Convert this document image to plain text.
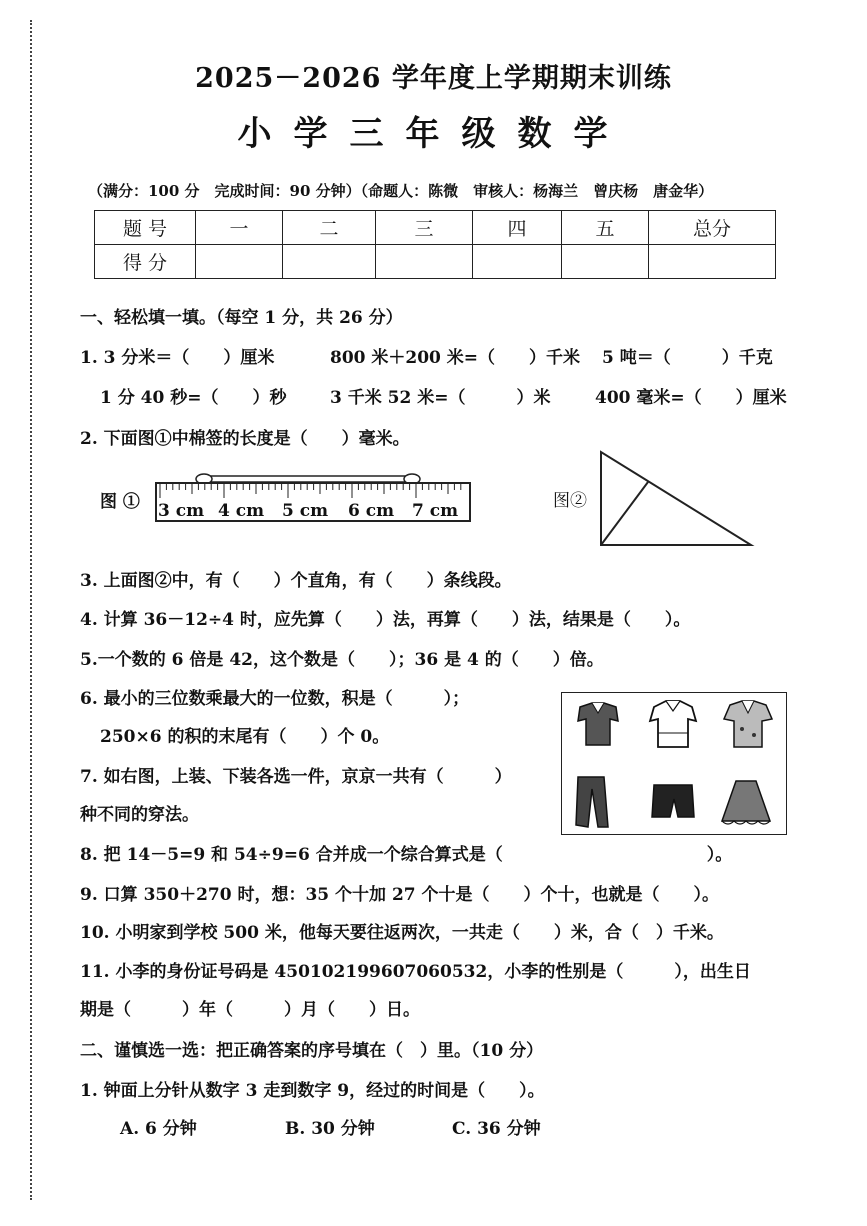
2025－2026 学年度上学期期末训练
小学三年级数学
（满分：100 分　完成时间：90 分钟）（命题人：陈微　审核人：杨海兰　曾庆杨　唐金华）
题 号	一	二	三	四	五	总分
得 分						
一、轻松填一填。（每空 1 分，共 26 分）
1. 3 分米＝（　　）厘米	800 米＋200 米=（　　）千米 5 吨＝（　　　）千克
1 分 40 秒=（　　）秒	3 千米 52 米=（　　　）米	400 毫米=（　　）厘米
2. 下面图①中棉签的长度是（　　）毫米。
图 ① 3 cm 4 cm 5 cm 6 cm 7 cm	图②
3. 上面图②中，有（　　）个直角，有（　　）条线段。
4. 计算 36－12÷4 时，应先算（　　）法，再算（　　）法，结果是（　　）。
5.一个数的 6 倍是 42，这个数是（　　）；36 是 4 的（　　）倍。
6. 最小的三位数乘最大的一位数，积是（　　　）；
250×6 的积的末尾有（　　）个 0。
7. 如右图，上装、下装各选一件，京京一共有（　　　）
种不同的穿法。
8. 把 14－5=9 和 54÷9=6 合并成一个综合算式是（　　　　　　　　　　　　）。
9. 口算 350＋270 时，想：35 个十加 27 个十是（　　）个十，也就是（　　）。
10. 小明家到学校 500 米，他每天要往返两次，一共走（　　）米，合（　）千米。
11. 小李的身份证号码是 450102199607060532，小李的性别是（　　　），出生日
期是（　　　）年（　　　）月（　　）日。
二、谨慎选一选：把正确答案的序号填在（　）里。（10 分）
1. 钟面上分针从数字 3 走到数字 9，经过的时间是（　　）。
A. 6 分钟	B. 30 分钟	C. 36 分钟
